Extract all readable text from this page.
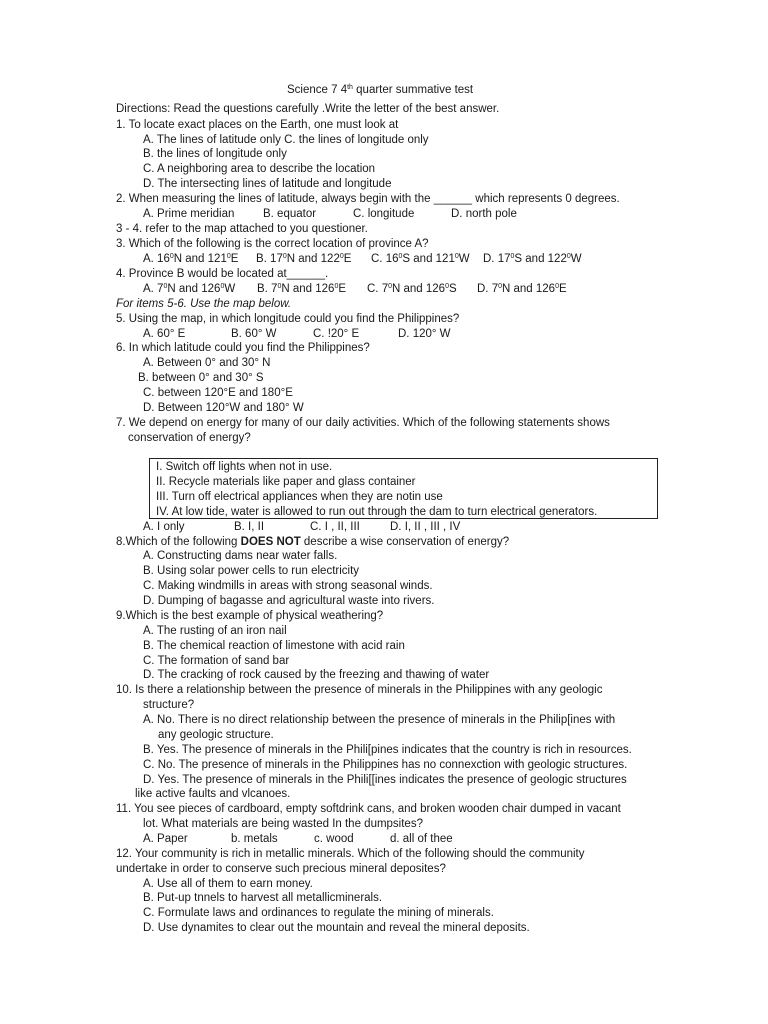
Science 7 4th quarter summative test
Directions: Read the questions carefully .Write the letter of the best answer.
1. To locate exact places on the Earth, one must look at
A. The lines of latitude only C. the lines of longitude only
B. the lines of longitude only
C. A neighboring area to describe the location
D. The intersecting lines of latitude and longitude
2. When measuring the lines of latitude, always begin with the ______ which represents 0 degrees.
A. Prime meridian B. equator	C. longitude	D. north pole
3 - 4. refer to the map attached to you questioner.
3. Which of the following is the correct location of province A?
A. $16^0N$ and $121^0E$ B. $17^0N$ and $122^0E$ C. $16^0S$ and $121^0W$ D. $17^0S$ and $122^0W$
4. Province B would be located at______.
A. $7^0N$ and $126^0W$ B. $7^0N$ and $126^0E$ C. $7^0N$ and $126^0S$ D. $7^0N$ and $126^0E$
For items 5-6. Use the map below.
5. Using the map, in which longitude could you find the Philippines?
A. 60° E	B. 60° W	C. !20° E	D. 120° W
6. In which latitude could you find the Philippines?
A. Between 0° and 30° N
B. between 0° and 30° S
C. between 120°E and 180°E
D. Between 120°W and 180° W
7. We depend on energy for many of our daily activities. Which of the following statements shows
conservation of energy?
I. Switch off lights when not in use.
II. Recycle materials like paper and glass container
III. Turn off electrical appliances when they are notin use
IV. At low tide, water is allowed to run out through the dam to turn electrical generators.
A. I only	B. I, II	C. I , II, III	D. I, II , III , IV
8.Which of the following DOES NOT describe a wise conservation of energy?
A. Constructing dams near water falls.
B. Using solar power cells to run electricity
C. Making windmills in areas with strong seasonal winds.
D. Dumping of bagasse and agricultural waste into rivers.
9.Which is the best example of physical weathering?
A. The rusting of an iron nail
B. The chemical reaction of limestone with acid rain
C. The formation of sand bar
D. The cracking of rock caused by the freezing and thawing of water
10. Is there a relationship between the presence of minerals in the Philippines with any geologic
structure?
A. No. There is no direct relationship between the presence of minerals in the Philip[ines with
any geologic structure.
B. Yes. The presence of minerals in the Phili[pines indicates that the country is rich in resources.
C. No. The presence of minerals in the Philippines has no connexction with geologic structures.
D. Yes. The presence of minerals in the Phili[[ines indicates the presence of geologic structures
like active faults and vlcanoes.
11. You see pieces of cardboard, empty softdrink cans, and broken wooden chair dumped in vacant
lot. What materials are being wasted In the dumpsites?
A. Paper	b. metals	c. wood	d. all of thee
12. Your community is rich in metallic minerals. Which of the following should the community
undertake in order to conserve such precious mineral deposites?
A. Use all of them to earn money.
B. Put-up tnnels to harvest all metallicminerals.
C. Formulate laws and ordinances to regulate the mining of minerals.
D. Use dynamites to clear out the mountain and reveal the mineral deposits.
